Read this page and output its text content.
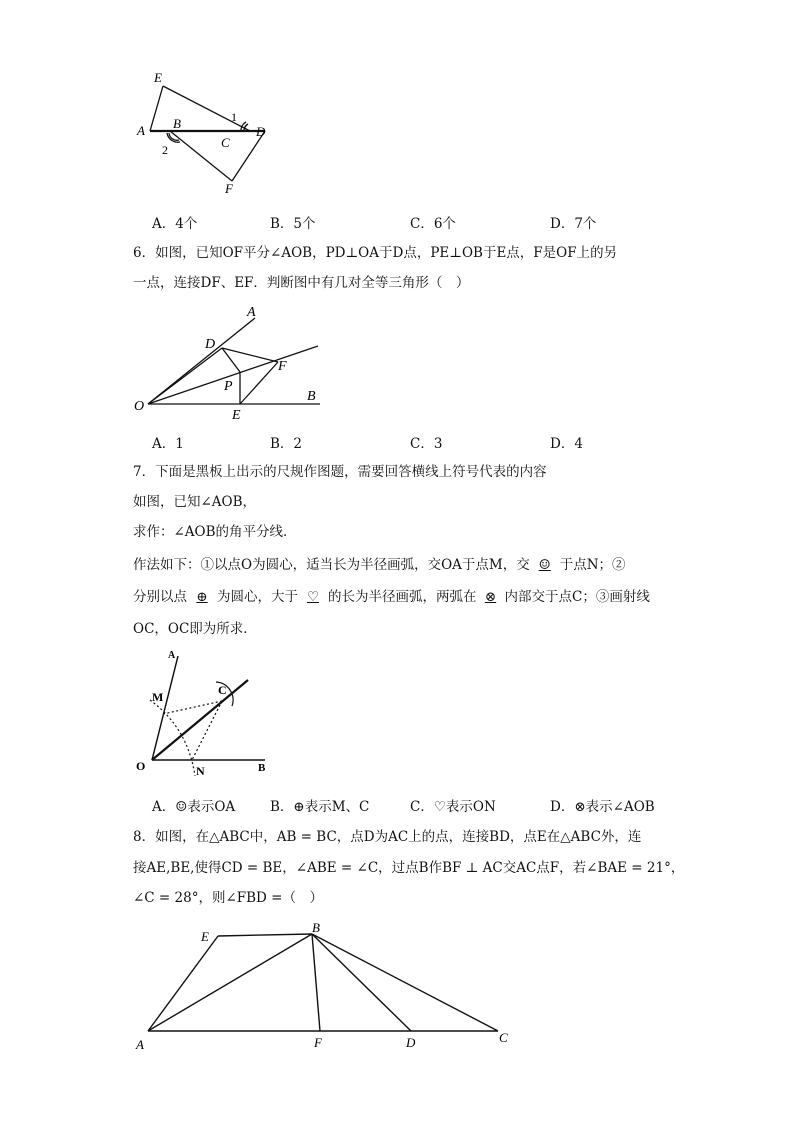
E
A B
C
D
F
1
2
A．4个	B．5个	C．6个	D．7个
6．如图，已知OF平分∠AOB，PD⊥OA于D点，PE⊥OB于E点，F是OF上的另
一点，连接DF、EF．判断图中有几对全等三角形（　）
A
D
F
P
O
E
B
A．1	B．2	C．3	D．4
7．下面是黑板上出示的尺规作图题，需要回答横线上符号代表的内容
如图，已知∠AOB，
求作：∠AOB的角平分线．
作法如下：①以点O为圆心，适当长为半径画弧，交OA于点M，交 ☺ 于点N；②
分别以点 ⊕ 为圆心，大于 ♡ 的长为半径画弧，两弧在 ⊗ 内部交于点C；③画射线
OC，OC即为所求．
A
M	C
O	N	B
A．☺表示OA	B．⊕表示M、C	C．♡表示ON	D．⊗表示∠AOB
8．如图，在△ABC中，AB = BC，点D为AC上的点，连接BD，点E在△ABC外，连
接AE,BE,使得CD = BE，∠ABE = ∠C，过点B作BF ⊥ AC交AC点F，若∠BAE = 21°，
∠C = 28°，则∠FBD =（　）
E
B
A	F	D	C
